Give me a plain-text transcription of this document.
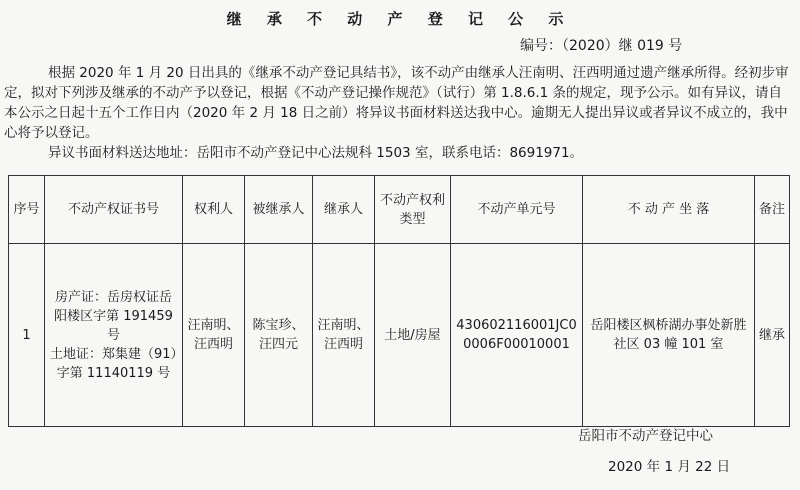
继 承 不 动 产 登 记 公 示
编号：（2020）继 019 号

根据 2020 年 1 月 20 日出具的《继承不动产登记具结书》，该不动产由继承人汪南明、汪西明通过遗产继承所得。经初步审定，拟对下列涉及继承的不动产予以登记，根据《不动产登记操作规范》（试行）第 1.8.6.1 条的规定，现予公示。如有异议，请自本公示之日起十五个工作日内（2020 年 2 月 18 日之前）将异议书面材料送达我中心。逾期无人提出异议或者异议不成立的，我中心将予以登记。

异议书面材料送达地址：岳阳市不动产登记中心法规科 1503 室，联系电话：8691971。

序号	不动产权证书号	权利人	被继承人	继承人	不动产权利类型	不动产单元号	不 动 产 坐 落	备注
1	房产证：岳房权证岳阳楼区字第 191459 号
土地证：郑集建（91）字第 11140119 号	汪南明、汪西明	陈宝珍、汪四元	汪南明、汪西明	土地/房屋	430602116001JC00006F00010001	岳阳楼区枫桥湖办事处新胜社区 03 幢 101 室	继承
岳阳市不动产登记中心
2020 年 1 月 22 日
